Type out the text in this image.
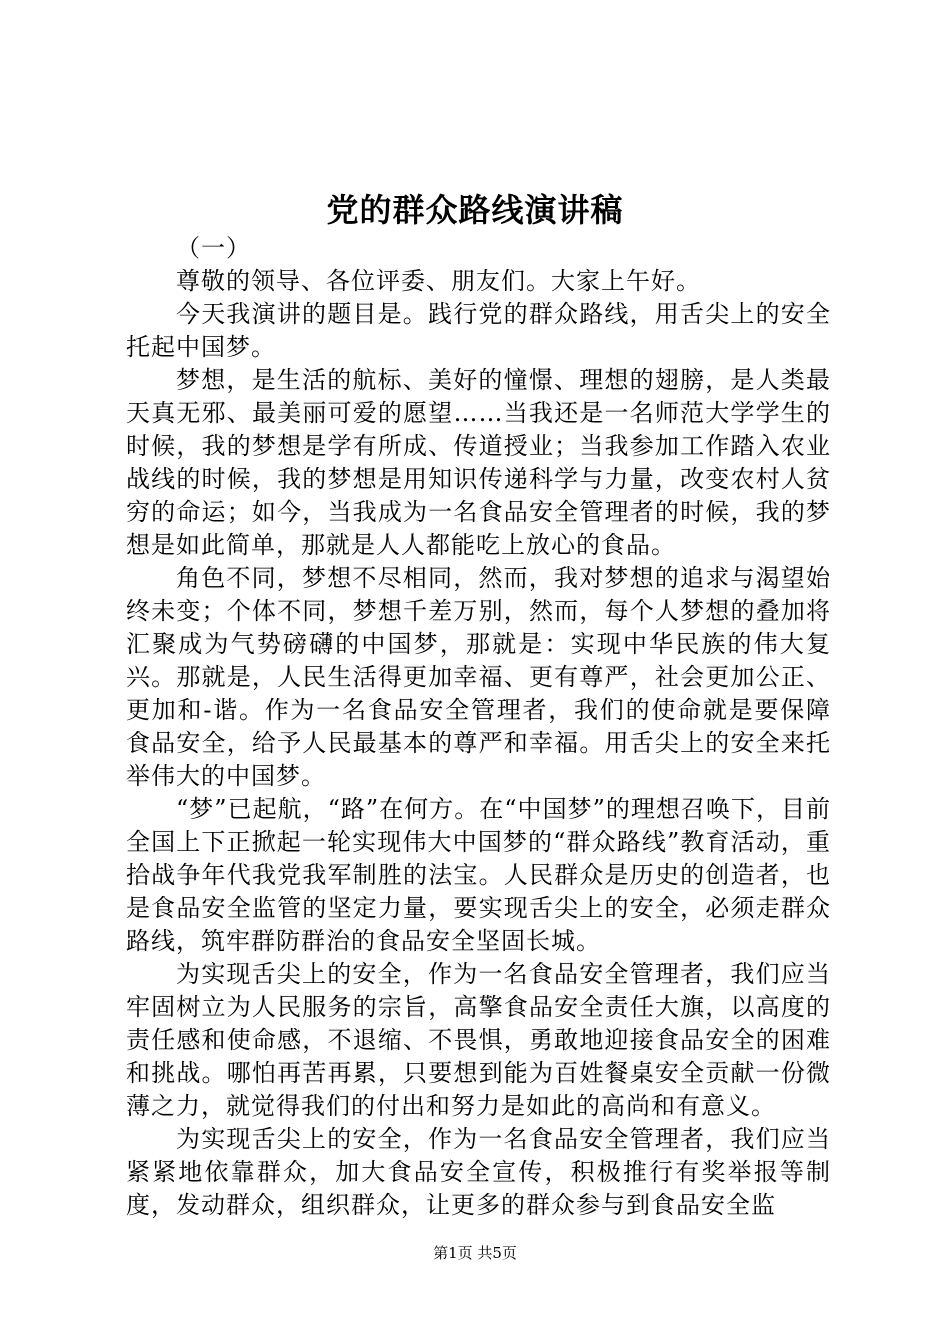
党的群众路线演讲稿

（一）

尊敬的领导、各位评委、朋友们。大家上午好。

今天我演讲的题目是。践行党的群众路线，用舌尖上的安全托起中国梦。

梦想，是生活的航标、美好的憧憬、理想的翅膀，是人类最天真无邪、最美丽可爱的愿望……当我还是一名师范大学学生的时候，我的梦想是学有所成、传道授业；当我参加工作踏入农业战线的时候，我的梦想是用知识传递科学与力量，改变农村人贫穷的命运；如今，当我成为一名食品安全管理者的时候，我的梦想是如此简单，那就是人人都能吃上放心的食品。

角色不同，梦想不尽相同，然而，我对梦想的追求与渴望始终未变；个体不同，梦想千差万别，然而，每个人梦想的叠加将汇聚成为气势磅礴的中国梦，那就是：实现中华民族的伟大复兴。那就是，人民生活得更加幸福、更有尊严，社会更加公正、更加和-谐。作为一名食品安全管理者，我们的使命就是要保障食品安全，给予人民最基本的尊严和幸福。用舌尖上的安全来托举伟大的中国梦。

“梦”已起航，“路”在何方。在“中国梦”的理想召唤下，目前全国上下正掀起一轮实现伟大中国梦的“群众路线”教育活动，重拾战争年代我党我军制胜的法宝。人民群众是历史的创造者，也是食品安全监管的坚定力量，要实现舌尖上的安全，必须走群众路线，筑牢群防群治的食品安全坚固长城。

为实现舌尖上的安全，作为一名食品安全管理者，我们应当牢固树立为人民服务的宗旨，高擎食品安全责任大旗，以高度的责任感和使命感，不退缩、不畏惧，勇敢地迎接食品安全的困难和挑战。哪怕再苦再累，只要想到能为百姓餐桌安全贡献一份微薄之力，就觉得我们的付出和努力是如此的高尚和有意义。

为实现舌尖上的安全，作为一名食品安全管理者，我们应当紧紧地依靠群众，加大食品安全宣传，积极推行有奖举报等制度，发动群众，组织群众，让更多的群众参与到食品安全监

第1页 共5页
